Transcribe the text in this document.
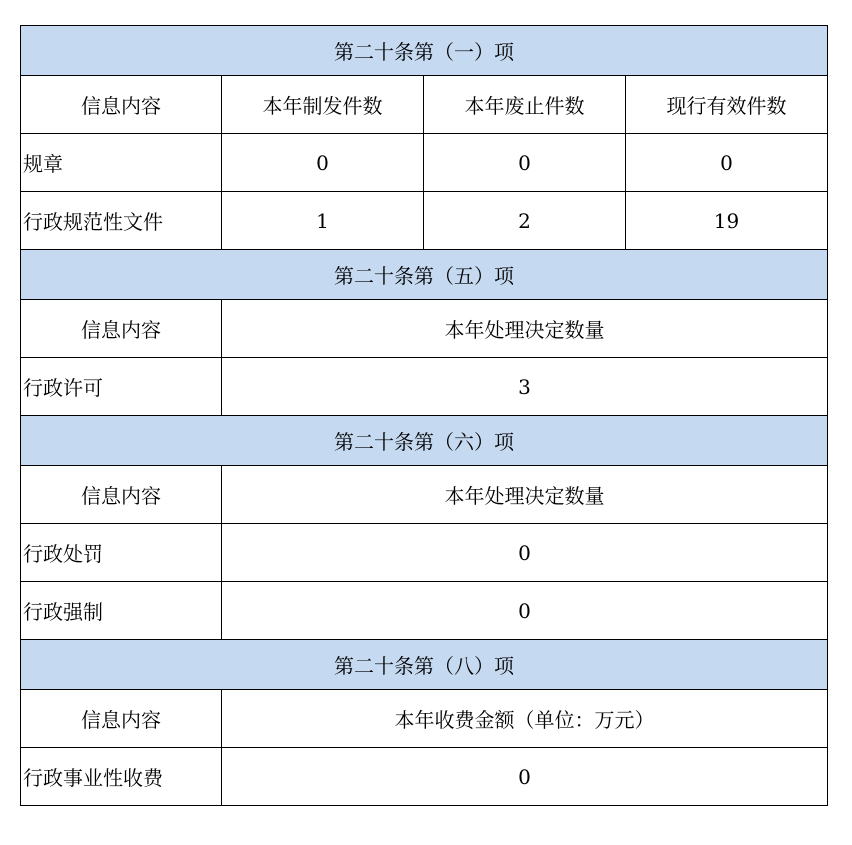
第二十条第（一）项			
信息内容	本年制发件数	本年废止件数	现行有效件数
规章	0	0	0
行政规范性文件	1	2	19
第二十条第（五）项			
信息内容	本年处理决定数量		
行政许可	3		
第二十条第（六）项			
信息内容	本年处理决定数量		
行政处罚	0		
行政强制	0		
第二十条第（八）项			
信息内容	本年收费金额（单位：万元）		
行政事业性收费	0		
